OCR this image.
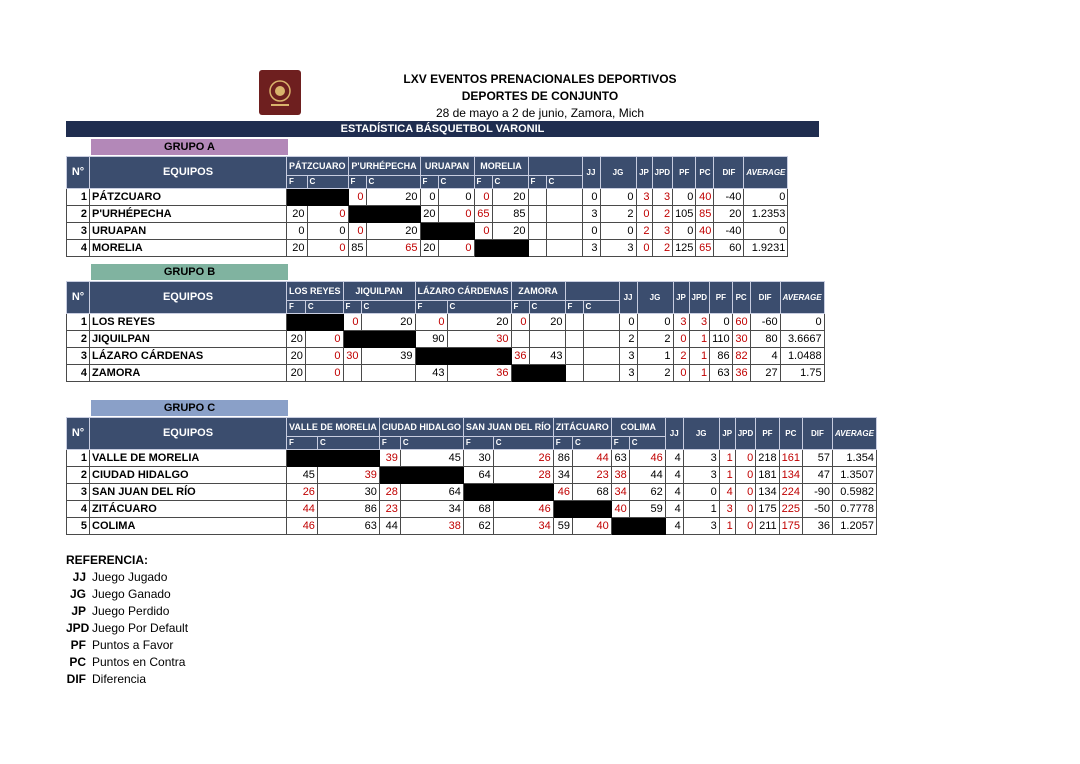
LXV EVENTOS PRENACIONALES DEPORTIVOS
DEPORTES DE CONJUNTO
28 de mayo a 2 de junio, Zamora, Mich
ESTADÍSTICA BÁSQUETBOL VARONIL
GRUPO A
GRUPO B
GRUPO C
N°	EQUIPOS	PÁTZCUARO		P'URHÉPECHA		URUAPAN		MORELIA				JJ	JG	JP	JPD	PF	PC	DIF	AVERAGE
		F	C	F	C	F	C	F	C	F	C								
1	PÁTZCUARO			0	20	0	0	0	20			0	0	3	3	0	40	-40	0
2	P'URHÉPECHA	20	0			20	0	65	85			3	2	0	2	105	85	20	1.2353
3	URUAPAN	0	0	0	20			0	20			0	0	2	3	0	40	-40	0
4	MORELIA	20	0	85	65	20	0					3	3	0	2	125	65	60	1.9231
N°	EQUIPOS	LOS REYES		JIQUILPAN		LÁZARO CÁRDENAS		ZAMORA				JJ	JG	JP	JPD	PF	PC	DIF	AVERAGE
		F	C	F	C	F	C	F	C	F	C								
1	LOS REYES			0	20	0	20	0	20			0	0	3	3	0	60	-60	0
2	JIQUILPAN	20	0			90	30					2	2	0	1	110	30	80	3.6667
3	LÁZARO CÁRDENAS	20	0	30	39			36	43			3	1	2	1	86	82	4	1.0488
4	ZAMORA	20	0			43	36					3	2	0	1	63	36	27	1.75
N°	EQUIPOS	VALLE DE MORELIA		CIUDAD HIDALGO		SAN JUAN DEL RÍO		ZITÁCUARO		COLIMA		JJ	JG	JP	JPD	PF	PC	DIF	AVERAGE
		F	C	F	C	F	C	F	C	F	C								
1	VALLE DE MORELIA			39	45	30	26	86	44	63	46	4	3	1	0	218	161	57	1.354
2	CIUDAD HIDALGO	45	39			64	28	34	23	38	44	4	3	1	0	181	134	47	1.3507
3	SAN JUAN DEL RÍO	26	30	28	64			46	68	34	62	4	0	4	0	134	224	-90	0.5982
4	ZITÁCUARO	44	86	23	34	68	46			40	59	4	1	3	0	175	225	-50	0.7778
5	COLIMA	46	63	44	38	62	34	59	40			4	3	1	0	211	175	36	1.2057
REFERENCIA:
JJ Juego Jugado
JG Juego Ganado
JP Juego Perdido
JPD Juego Por Default
PF Puntos a Favor
PC Puntos en Contra
DIF Diferencia
